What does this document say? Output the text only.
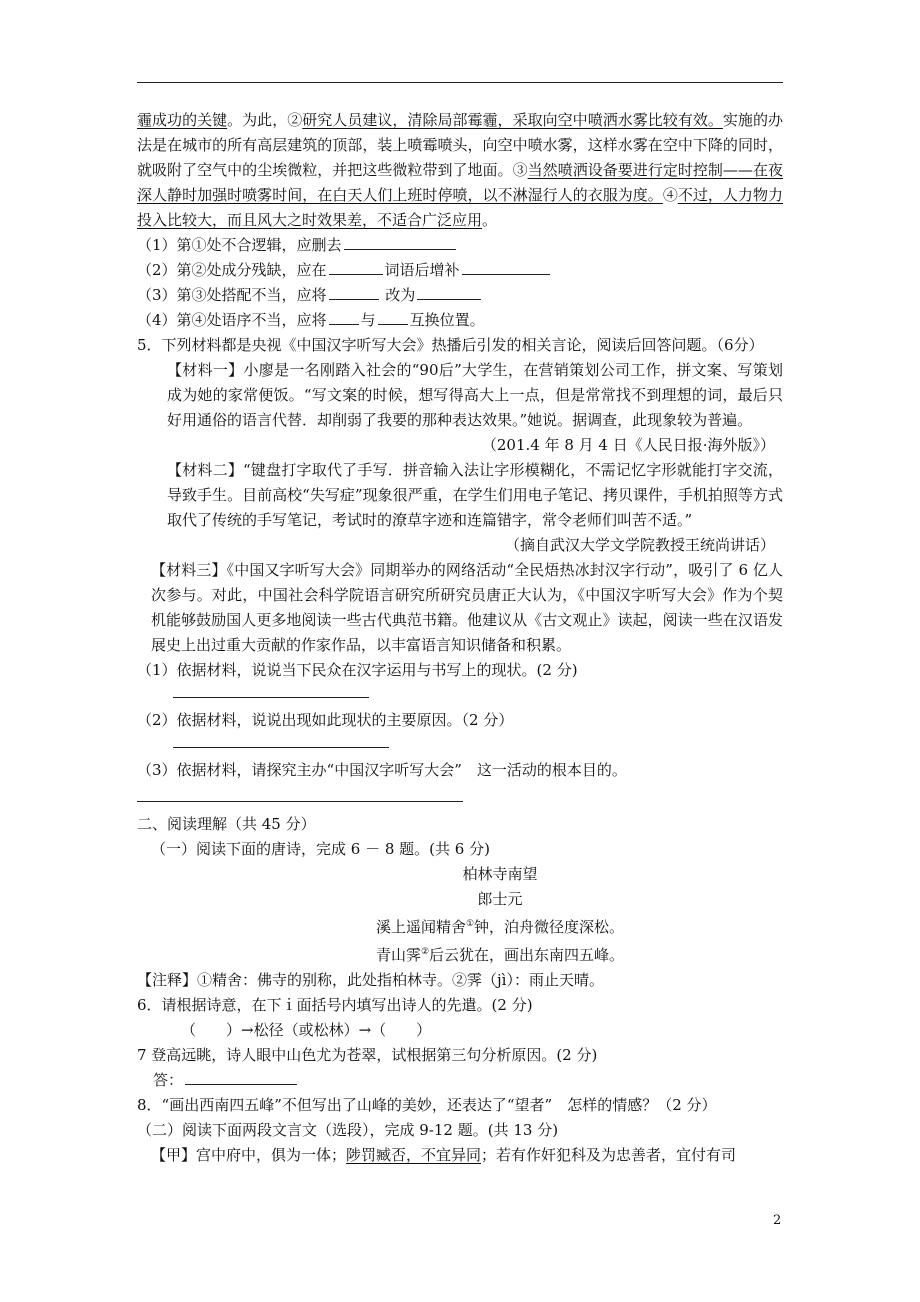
霾成功的关键。为此，②研究人员建议，清除局部霉霾，采取向空中喷洒水雾比较有效。实施的办法是在城市的所有高层建筑的顶部，装上喷霉喷头，向空中喷水雾，这样水雾在空中下降的同时，就吸附了空气中的尘埃微粒，并把这些微粒带到了地面。③当然喷洒设备要进行定时控制——在夜深人静时加强时喷雾时间，在白天人们上班时停喷，以不淋湿行人的衣服为度。④不过，人力物力投入比较大，而且风大之时效果差，不适合广泛应用。

（1）第①处不合逻辑，应删去

（2）第②处成分残缺，应在	词语后增补

（3）第③处搭配不当，应将	改为

（4）第④处语序不当，应将 与 互换位置。

5．下列材料都是央视《中国汉字听写大会》热播后引发的相关言论，阅读后回答问题。（6分）

【材料一】小廖是一名刚踏入社会的“90后”大学生，在营销策划公司工作，拼文案、写策划成为她的家常便饭。“写文案的时候，想写得高大上一点，但是常常找不到理想的词，最后只好用通俗的语言代替．却削弱了我要的那种表达效果。”她说。据调查，此现象较为普遍。

（201.4 年 8 月 4 日《人民日报·海外版》）

【材料二】“键盘打字取代了手写．拼音输入法让字形模糊化，不需记忆字形就能打字交流，导致手生。目前高校“失写症”现象很严重，在学生们用电子笔记、拷贝课件，手机拍照等方式取代了传统的手写笔记，考试时的潦草字迹和连篇错字，常令老师们叫苦不适。”

（摘自武汉大学文学院教授王统尚讲话）

【材料三】《中国又字听写大会》同期举办的网络活动“全民焐热冰封汉字行动”，吸引了 6 亿人次参与。对此，中国社会科学院语言研究所研究员唐正大认为，《中国汉字听写大会》作为个契机能够鼓励国人更多地阅读一些古代典范书籍。他建议从《古文观止》读起，阅读一些在汉语发展史上出过重大贡献的作家作品，以丰富语言知识储备和积累。

（1）依据材料，说说当下民众在汉字运用与书写上的现状。(2 分)

（2）依据材料，说说出现如此现状的主要原因。（2 分）

（3）依据材料，请探究主办“中国汉字听写大会”　这一活动的根本目的。

二、阅读理解（共 45 分）

（一）阅读下面的唐诗，完成 6 － 8 题。(共 6 分)

柏林寺南望

郎士元

溪上遥闻精舍①钟，泊舟微径度深松。

青山霁②后云犹在，画出东南四五峰。

【注释】①精舍：佛寺的别称，此处指柏林寺。②霁（jì）：雨止天晴。

6．请根据诗意，在下ｉ面括号内填写出诗人的先遣。(2 分)

（　　）→松径（或松林）→（　　）

7 登高远眺，诗人眼中山色尤为苍翠，试根据第三句分析原因。(2 分)

答：

8．“画出西南四五峰”不但写出了山峰的美妙，还表达了“望者”　怎样的情感？（2 分）

（二）阅读下面两段文言文（选段），完成 9-12 题。(共 13 分)

【甲】宫中府中，俱为一体；陟罚臧否，不宜异同；若有作奸犯科及为忠善者，宜付有司

2
